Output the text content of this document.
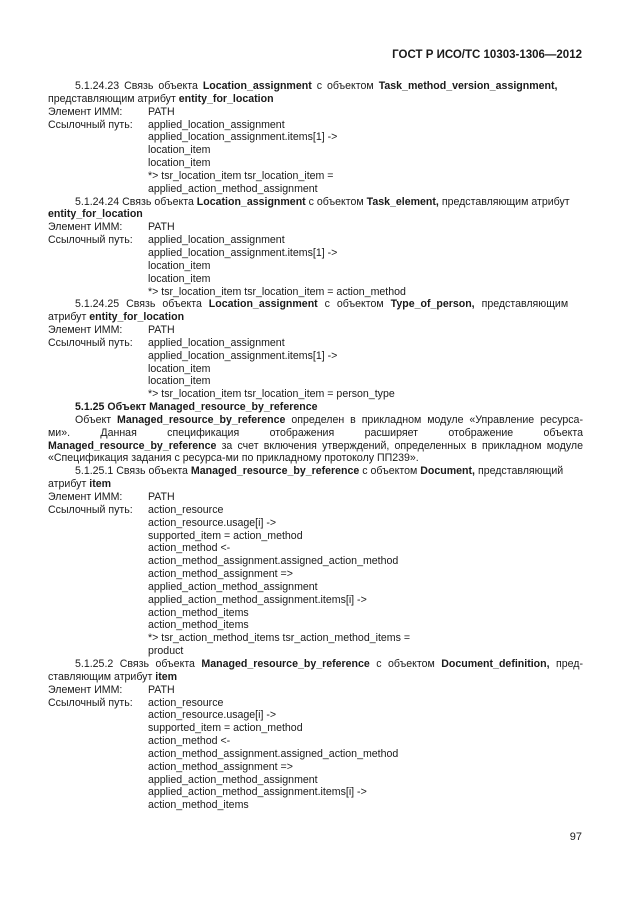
ГОСТ Р ИСО/ТС 10303-1306—2012
5.1.24.23 Связь объекта Location_assignment с объектом Task_method_version_assignment,
представляющим атрибут entity_for_location
Элемент ИММ:	PATH
Ссылочный путь:	applied_location_assignment
applied_location_assignment.items[1] ->
location_item
location_item
*> tsr_location_item tsr_location_item =
applied_action_method_assignment
5.1.24.24 Связь объекта Location_assignment с объектом Task_element, представляющим атрибут
entity_for_location
Элемент ИММ:	PATH
Ссылочный путь:	applied_location_assignment
applied_location_assignment.items[1] ->
location_item
location_item
*> tsr_location_item tsr_location_item = action_method
5.1.24.25 Связь объекта Location_assignment с объектом Type_of_person, представляющим
атрибут entity_for_location
Элемент ИММ:	PATH
Ссылочный путь:	applied_location_assignment
applied_location_assignment.items[1] ->
location_item
location_item
*> tsr_location_item tsr_location_item = person_type
5.1.25 Объект Managed_resource_by_reference
Объект Managed_resource_by_reference определен в прикладном модуле «Управление ресурса-ми». Данная спецификация отображения расширяет отображение объекта Managed_resource_by_reference за счет включения утверждений, определенных в прикладном модуле «Спецификация задания с ресурса-ми по прикладному протоколу ПП239».
5.1.25.1 Связь объекта Managed_resource_by_reference с объектом Document, представляющий
атрибут item
Элемент ИММ:	PATH
Ссылочный путь:	action_resource
action_resource.usage[i] ->
supported_item = action_method
action_method <-
action_method_assignment.assigned_action_method
action_method_assignment =>
applied_action_method_assignment
applied_action_method_assignment.items[i] ->
action_method_items
action_method_items
*> tsr_action_method_items tsr_action_method_items =
product
5.1.25.2 Связь объекта Managed_resource_by_reference с объектом Document_definition, пред-ставляющим атрибут item
Элемент ИММ:	PATH
Ссылочный путь:	action_resource
action_resource.usage[i] ->
supported_item = action_method
action_method <-
action_method_assignment.assigned_action_method
action_method_assignment =>
applied_action_method_assignment
applied_action_method_assignment.items[i] ->
action_method_items
97
